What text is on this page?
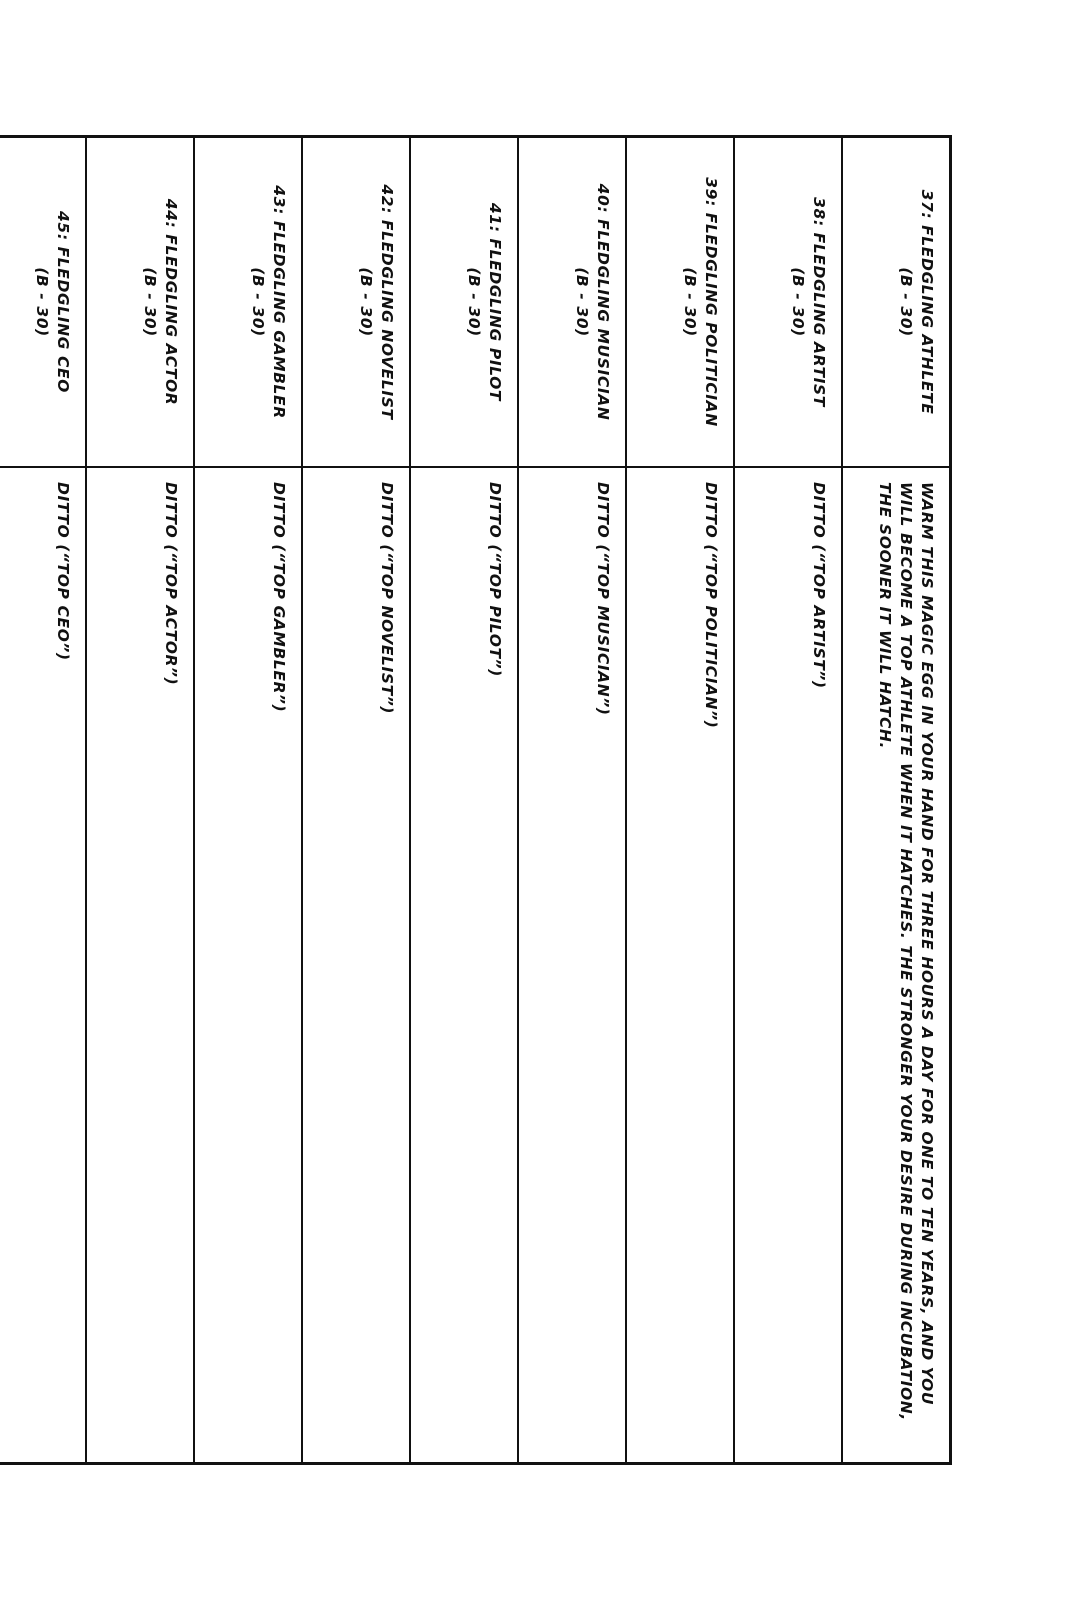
37: FLEDGLING ATHLETE
(B - 30)	WARM THIS MAGIC EGG IN YOUR HAND FOR THREE HOURS A DAY FOR ONE TO TEN YEARS, AND YOU WILL BECOME A TOP ATHLETE WHEN IT HATCHES. THE STRONGER YOUR DESIRE DURING INCUBATION, THE SOONER IT WILL HATCH.

38: FLEDGLING ARTIST
(B - 30)	DITTO (“TOP ARTIST”)

39: FLEDGLING POLITICIAN
(B - 30)	DITTO (“TOP POLITICIAN”)

40: FLEDGLING MUSICIAN
(B - 30)	DITTO (“TOP MUSICIAN”)

41: FLEDGLING PILOT
(B - 30)	DITTO (“TOP PILOT”)

42: FLEDGLING NOVELIST
(B - 30)	DITTO (“TOP NOVELIST”)

43: FLEDGLING GAMBLER
(B - 30)	DITTO (“TOP GAMBLER”)

44: FLEDGLING ACTOR
(B - 30)	DITTO (“TOP ACTOR”)

45: FLEDGLING CEO
(B - 30)	DITTO (“TOP CEO”)
